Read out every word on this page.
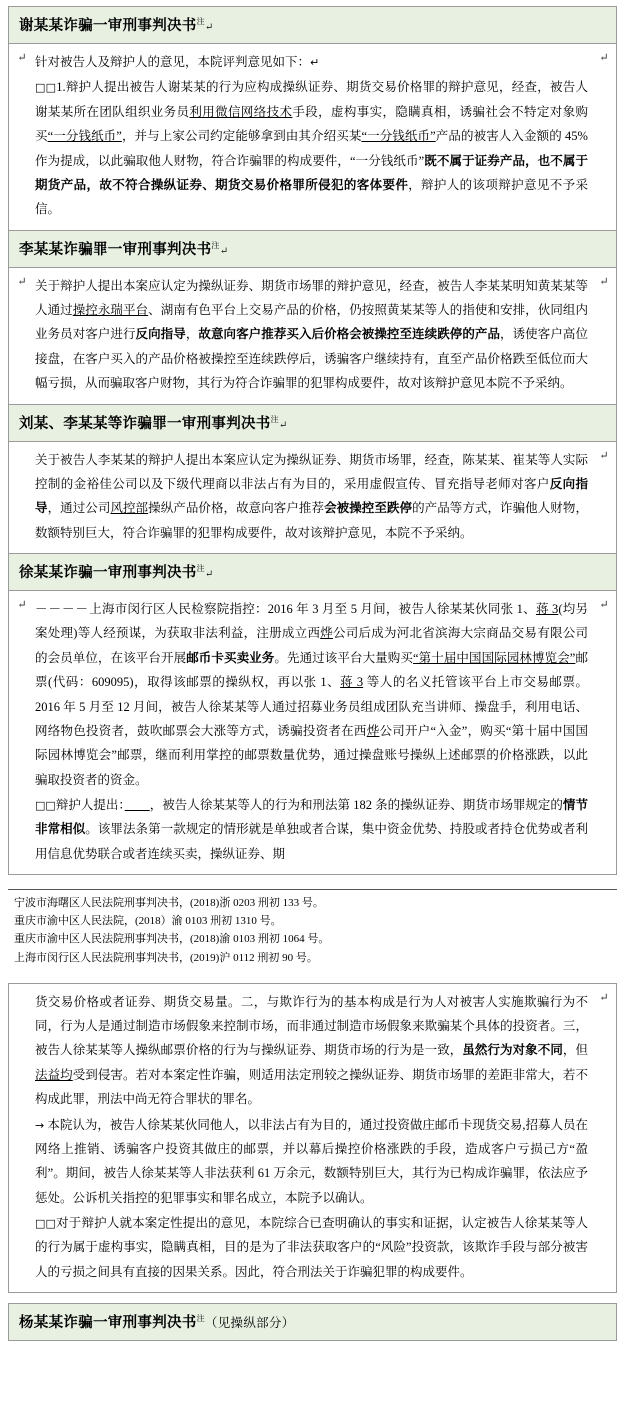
谢某某诈骗一审刑事判决书$^注$↵
↵ 针对被告人及辩护人的意见，本院评判意见如下：↵

□□1.辩护人提出被告人谢某某的行为应构成操纵证券、期货交易价格罪的辩护意见，经查，被告人谢某某所在团队组织业务员利用微信网络技术手段，虚构事实，隐瞒真相，诱骗社会不特定对象购买“一分钱纸币”，并与上家公司约定能够拿到由其介绍买某“一分钱纸币”产品的被害人入金额的 45%作为提成，以此骗取他人财物，符合诈骗罪的构成要件，“一分钱纸币”既不属于证券产品，也不属于期货产品，故不符合操纵证券、期货交易价格罪所侵犯的客体要件，辩护人的该项辩护意见不予采信。

↵
李某某诈骗罪一审刑事判决书$^注$↵
↵ 关于辩护人提出本案应认定为操纵证券、期货市场罪的辩护意见，经查，被告人李某某明知黄某某等人通过操控永瑞平台、湖南有色平台上交易产品的价格，仍按照黄某某等人的指使和安排，伙同组内业务员对客户进行反向指导，故意向客户推荐买入后价格会被操控至连续跌停的产品，诱使客户高位接盘，在客户买入的产品价格被操控至连续跌停后，诱骗客户继续持有，直至产品价格跌至低位而大幅亏损，从而骗取客户财物，其行为符合诈骗罪的犯罪构成要件，故对该辩护意见本院不予采纳。

↵
刘某、李某某等诈骗罪一审刑事判决书$^注$↵

关于被告人李某某的辩护人提出本案应认定为操纵证券、期货市场罪，经查，陈某某、崔某等人实际控制的金裕佳公司以及下级代理商以非法占有为目的，采用虚假宣传、冒充指导老师对客户反向指导，通过公司风控部操纵产品价格，故意向客户推荐会被操控至跌停的产品等方式，诈骗他人财物，数额特别巨大，符合诈骗罪的犯罪构成要件，故对该辩护意见，本院不予采纳。

↵
徐某某诈骗一审刑事判决书$^注$↵
↵ －－－－上海市闵行区人民检察院指控：2016 年 3 月至 5 月间，被告人徐某某伙同张 1、蒋 3(均另案处理)等人经预谋，为获取非法利益，注册成立西烨公司后成为河北省滨海大宗商品交易有限公司的会员单位，在该平台开展邮币卡买卖业务。先通过该平台大量购买“第十届中国国际园林博览会”邮票(代码：609095)，取得该邮票的操纵权，再以张 1、蒋 3 等人的名义托管该平台上市交易邮票。2016 年 5 月至 12 月间，被告人徐某某等人通过招募业务员组成团队充当讲师、操盘手，利用电话、网络物色投资者，鼓吹邮票会大涨等方式，诱骗投资者在西烨公司开户“入金”，购买“第十届中国国际园林博览会”邮票，继而利用掌控的邮票数量优势，通过操盘账号操纵上述邮票的价格涨跌，以此骗取投资者的资金。

□□辩护人提出：　　 ，被告人徐某某等人的行为和刑法第 182 条的操纵证券、期货市场罪规定的情节非常相似。该罪法条第一款规定的情形就是单独或者合谋，集中资金优势、持股或者持仓优势或者利用信息优势联合或者连续买卖，操纵证券、期

↵
宁波市海曙区人民法院刑事判决书，(2018)浙 0203 刑初 133 号。
重庆市渝中区人民法院，(2018）渝 0103 刑初 1310 号。
重庆市渝中区人民法院刑事判决书，(2018)渝 0103 刑初 1064 号。
上海市闵行区人民法院刑事判决书，(2019)沪 0112 刑初 90 号。

货交易价格或者证券、期货交易量。二，与欺诈行为的基本构成是行为人对被害人实施欺骗行为不同，行为人是通过制造市场假象来控制市场，而非通过制造市场假象来欺骗某个具体的投资者。三，被告人徐某某等人操纵邮票价格的行为与操纵证券、期货市场的行为是一致，虽然行为对象不同，但法益均受到侵害。若对本案定性诈骗，则适用法定刑较之操纵证券、期货市场罪的差距非常大，若不构成此罪，刑法中尚无符合罪状的罪名。

→ 本院认为，被告人徐某某伙同他人，以非法占有为目的，通过投资做庄邮币卡现货交易,招募人员在网络上推销、诱骗客户投资其做庄的邮票，并以幕后操控价格涨跌的手段，造成客户亏损己方“盈利”。期间，被告人徐某某等人非法获利 61 万余元，数额特别巨大，其行为已构成诈骗罪，依法应予惩处。公诉机关指控的犯罪事实和罪名成立，本院予以确认。

□□对于辩护人就本案定性提出的意见，本院综合已查明确认的事实和证据，认定被告人徐某某等人的行为属于虚构事实，隐瞒真相，目的是为了非法获取客户的“风险”投资款，该欺诈手段与部分被害人的亏损之间具有直接的因果关系。因此，符合刑法关于诈骗犯罪的构成要件。

↵
杨某某诈骗一审刑事判决书$^注$（见操纵部分）
